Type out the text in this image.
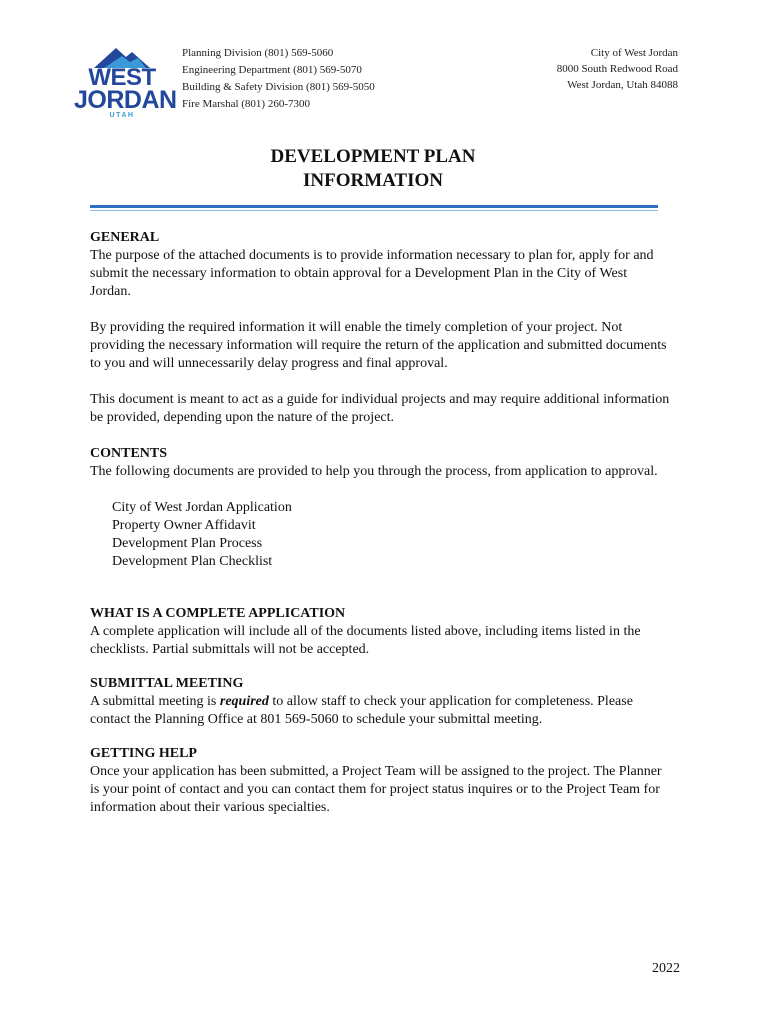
WEST
JORDAN
UTAH
Planning Division (801) 569-5060
Engineering Department (801) 569-5070
Building & Safety Division (801) 569-5050
Fire Marshal (801) 260-7300
City of West Jordan
8000 South Redwood Road
West Jordan, Utah 84088
DEVELOPMENT PLAN
INFORMATION
GENERAL

The purpose of the attached documents is to provide information necessary to plan for, apply for and submit the necessary information to obtain approval for a Development Plan in the City of West Jordan.

By providing the required information it will enable the timely completion of your project. Not providing the necessary information will require the return of the application and submitted documents to you and will unnecessarily delay progress and final approval.

This document is meant to act as a guide for individual projects and may require additional information be provided, depending upon the nature of the project.

CONTENTS

The following documents are provided to help you through the process, from application to approval.

City of West Jordan Application
Property Owner Affidavit
Development Plan Process
Development Plan Checklist
WHAT IS A COMPLETE APPLICATION

A complete application will include all of the documents listed above, including items listed in the checklists. Partial submittals will not be accepted.

SUBMITTAL MEETING

A submittal meeting is required to allow staff to check your application for completeness. Please contact the Planning Office at 801 569-5060 to schedule your submittal meeting.

GETTING HELP

Once your application has been submitted, a Project Team will be assigned to the project. The Planner is your point of contact and you can contact them for project status inquires or to the Project Team for information about their various specialties.

2022
